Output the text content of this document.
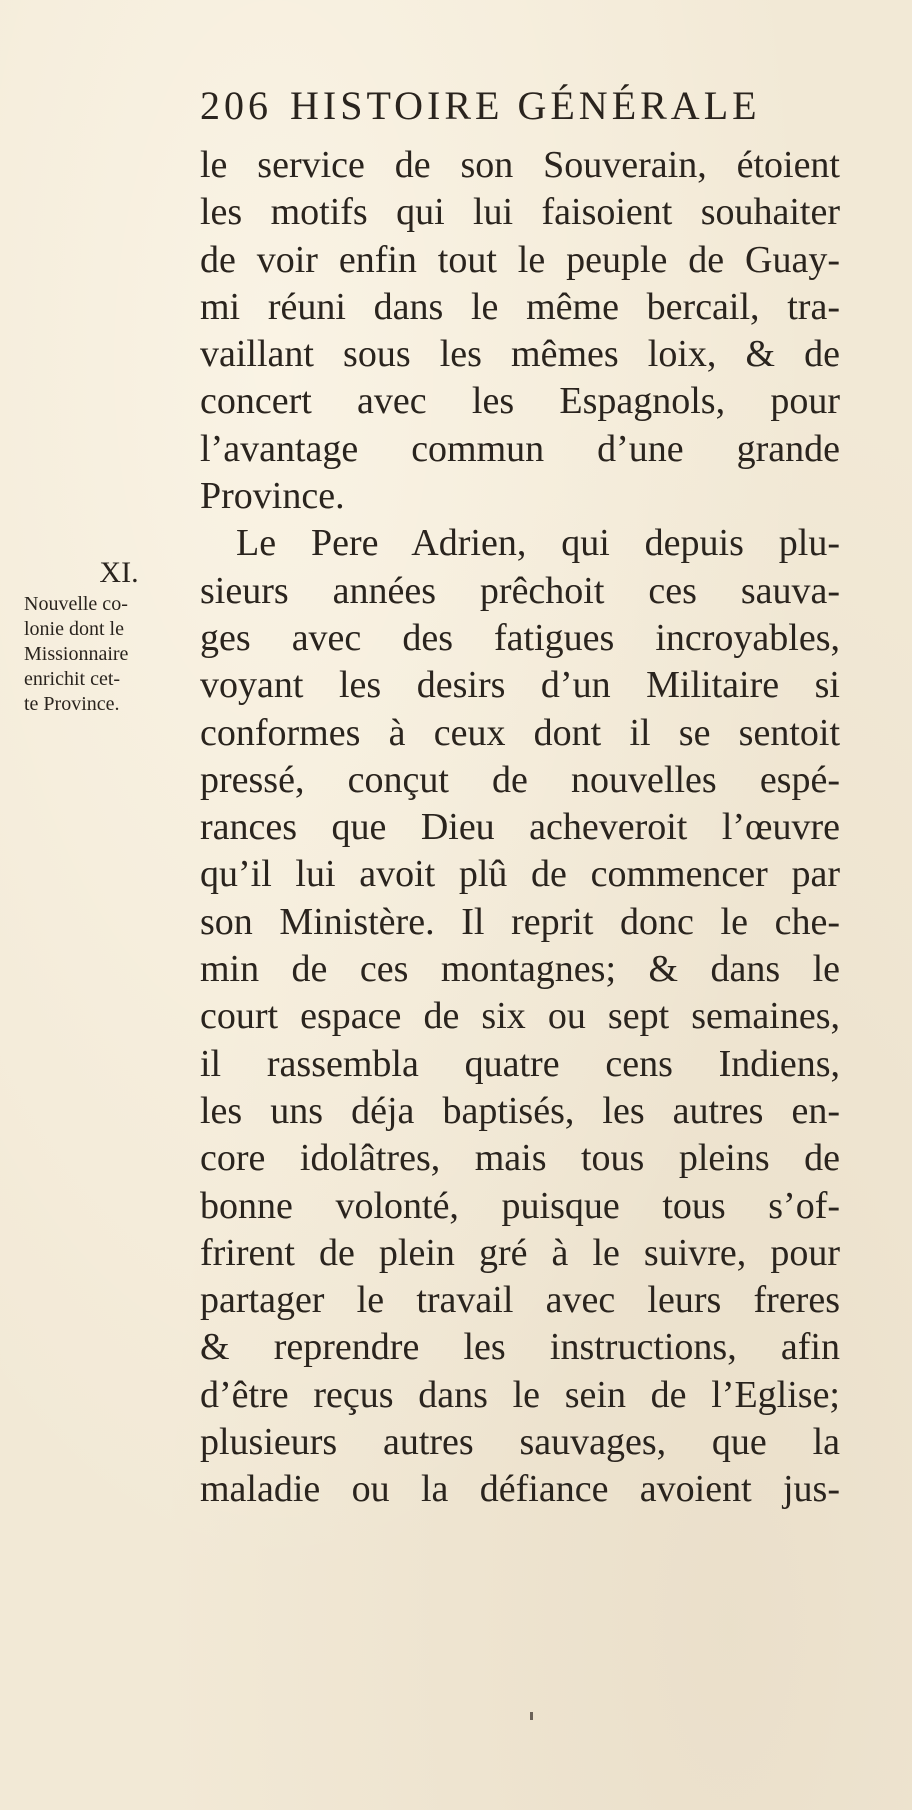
206 HISTOIRE GÉNÉRALE
XI.
Nouvelle co-
lonie dont le
Missionnaire
enrichit cet-
te Province.
le service de son Souverain, étoient
les motifs qui lui faisoient souhaiter
de voir enfin tout le peuple de Guay-
mi réuni dans le même bercail, tra-
vaillant sous les mêmes loix, & de
concert avec les Espagnols, pour
l’avantage commun d’une grande
Province.
Le Pere Adrien, qui depuis plu-
sieurs années prêchoit ces sauva-
ges avec des fatigues incroyables,
voyant les desirs d’un Militaire si
conformes à ceux dont il se sentoit
pressé, conçut de nouvelles espé-
rances que Dieu acheveroit l’œuvre
qu’il lui avoit plû de commencer par
son Ministère. Il reprit donc le che-
min de ces montagnes; & dans le
court espace de six ou sept semaines,
il rassembla quatre cens Indiens,
les uns déja baptisés, les autres en-
core idolâtres, mais tous pleins de
bonne volonté, puisque tous s’of-
frirent de plein gré à le suivre, pour
partager le travail avec leurs freres
& reprendre les instructions, afin
d’être reçus dans le sein de l’Eglise;
plusieurs autres sauvages, que la
maladie ou la défiance avoient jus-
